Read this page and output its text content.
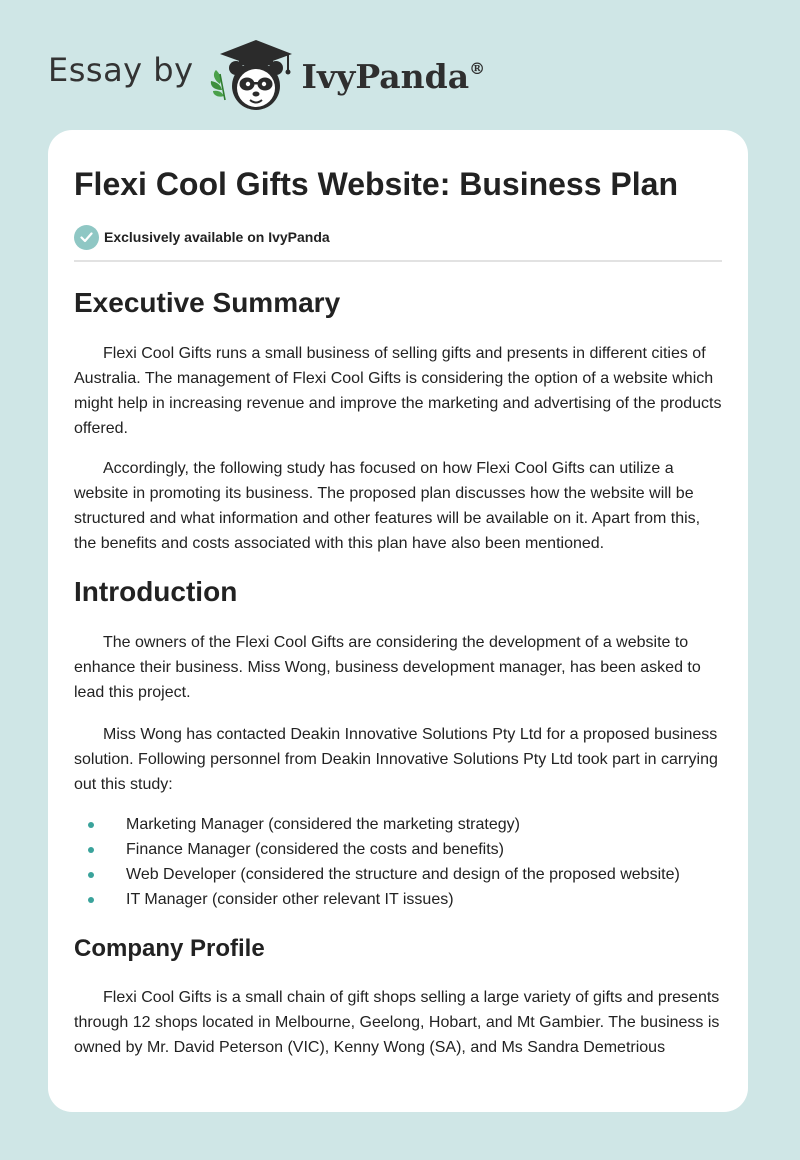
Essay by	IvyPanda®
Flexi Cool Gifts Website: Business Plan
Exclusively available on IvyPanda
Executive Summary

Flexi Cool Gifts runs a small business of selling gifts and presents in different cities of Australia. The management of Flexi Cool Gifts is considering the option of a website which might help in increasing revenue and improve the marketing and advertising of the products offered.

Accordingly, the following study has focused on how Flexi Cool Gifts can utilize a website in promoting its business. The proposed plan discusses how the website will be structured and what information and other features will be available on it. Apart from this, the benefits and costs associated with this plan have also been mentioned.

Introduction

The owners of the Flexi Cool Gifts are considering the development of a website to enhance their business. Miss Wong, business development manager, has been asked to lead this project.

Miss Wong has contacted Deakin Innovative Solutions Pty Ltd for a proposed business solution. Following personnel from Deakin Innovative Solutions Pty Ltd took part in carrying out this study:

Marketing Manager (considered the marketing strategy)
Finance Manager (considered the costs and benefits)
Web Developer (considered the structure and design of the proposed website)
IT Manager (consider other relevant IT issues)
Company Profile

Flexi Cool Gifts is a small chain of gift shops selling a large variety of gifts and presents through 12 shops located in Melbourne, Geelong, Hobart, and Mt Gambier. The business is owned by Mr. David Peterson (VIC), Kenny Wong (SA), and Ms Sandra Demetrious
